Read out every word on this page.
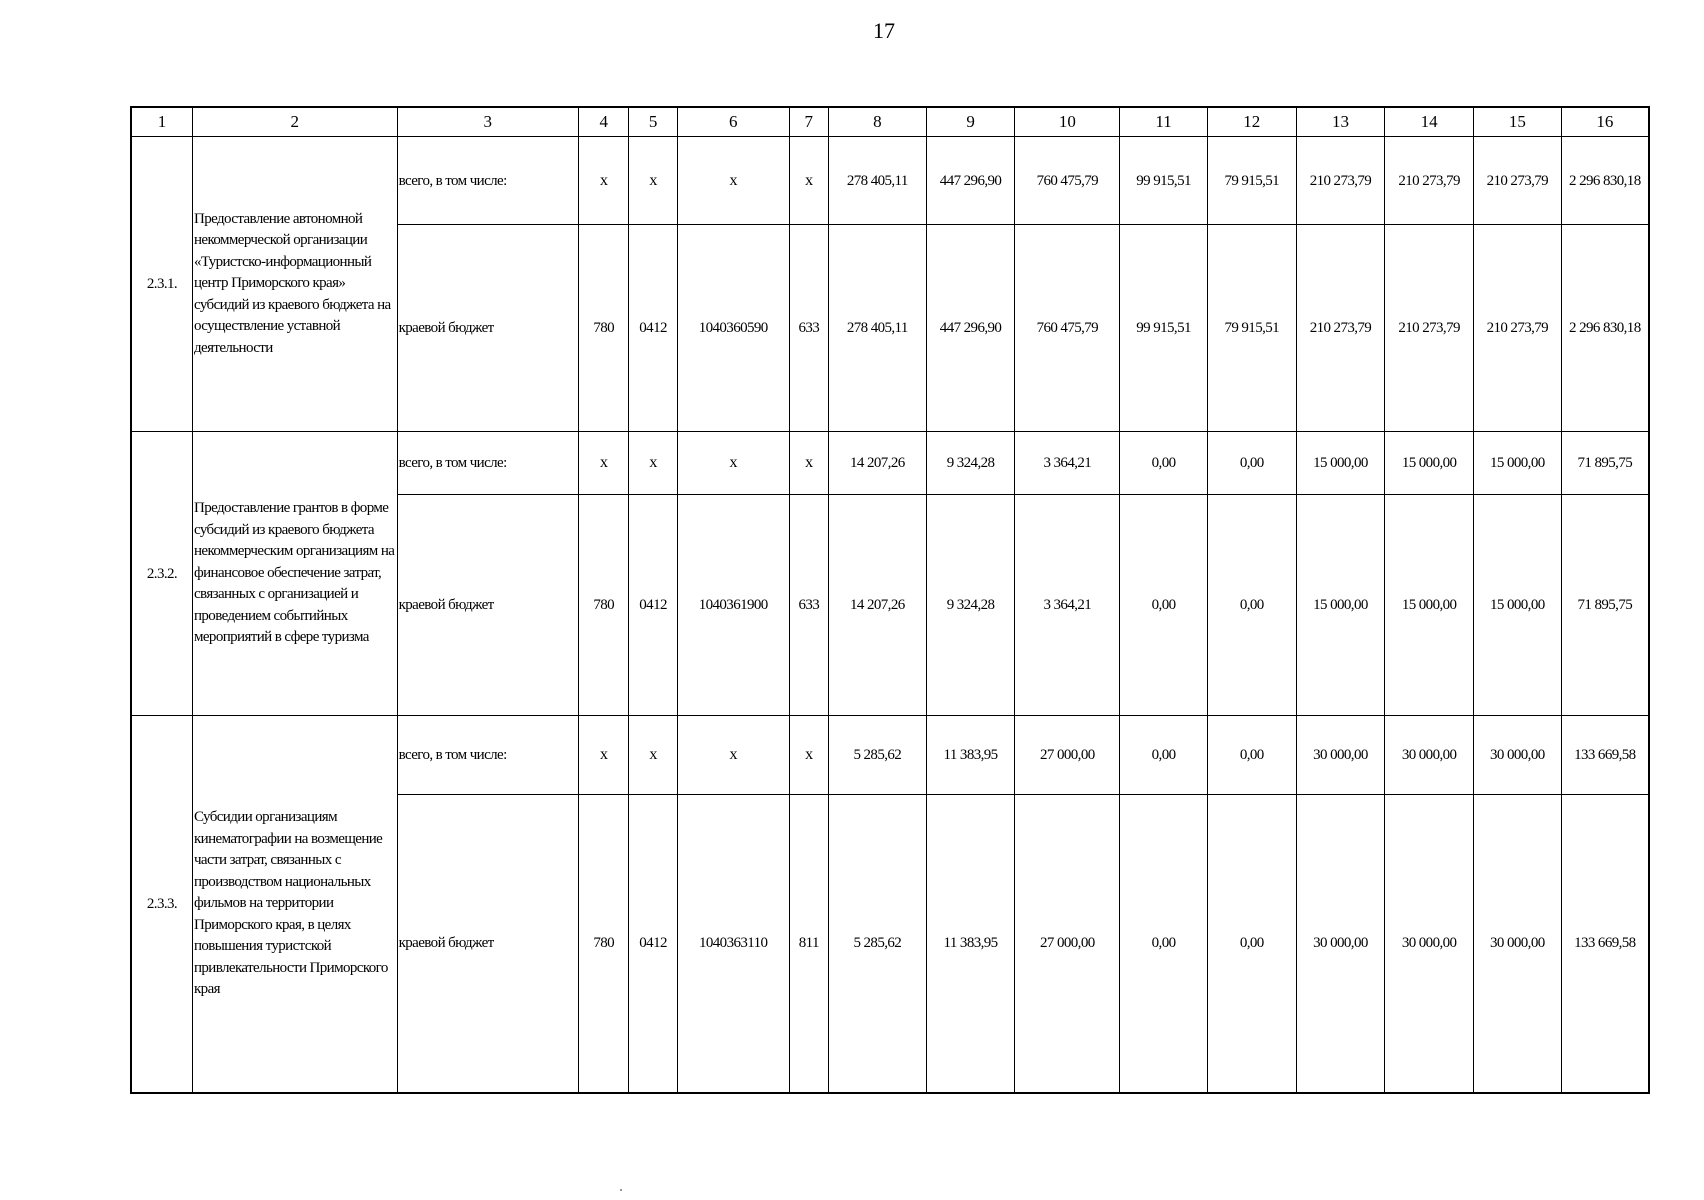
17
1	2	3	4	5	6	7	8	9	10	11	12	13	14	15	16
2.3.1.	Предоставление автономной некоммерческой организации «Туристско-информационный центр Приморского края» субсидий из краевого бюджета на осуществление уставной деятельности	всего, в том числе:	х	х	х	х	278 405,11	447 296,90	760 475,79	99 915,51	79 915,51	210 273,79	210 273,79	210 273,79	2 296 830,18
		краевой бюджет	780	0412	1040360590	633	278 405,11	447 296,90	760 475,79	99 915,51	79 915,51	210 273,79	210 273,79	210 273,79	2 296 830,18
2.3.2.	Предоставление грантов в форме субсидий из краевого бюджета некоммерческим организациям на финансовое обеспечение затрат, связанных с организацией и проведением событийных мероприятий в сфере туризма	всего, в том числе:	х	х	х	х	14 207,26	9 324,28	3 364,21	0,00	0,00	15 000,00	15 000,00	15 000,00	71 895,75
		краевой бюджет	780	0412	1040361900	633	14 207,26	9 324,28	3 364,21	0,00	0,00	15 000,00	15 000,00	15 000,00	71 895,75
2.3.3.	Субсидии организациям кинематографии на возмещение части затрат, связанных с производством национальных фильмов на территории Приморского края, в целях повышения туристской привлекательности Приморского края	всего, в том числе:	х	х	х	х	5 285,62	11 383,95	27 000,00	0,00	0,00	30 000,00	30 000,00	30 000,00	133 669,58
		краевой бюджет	780	0412	1040363110	811	5 285,62	11 383,95	27 000,00	0,00	0,00	30 000,00	30 000,00	30 000,00	133 669,58
